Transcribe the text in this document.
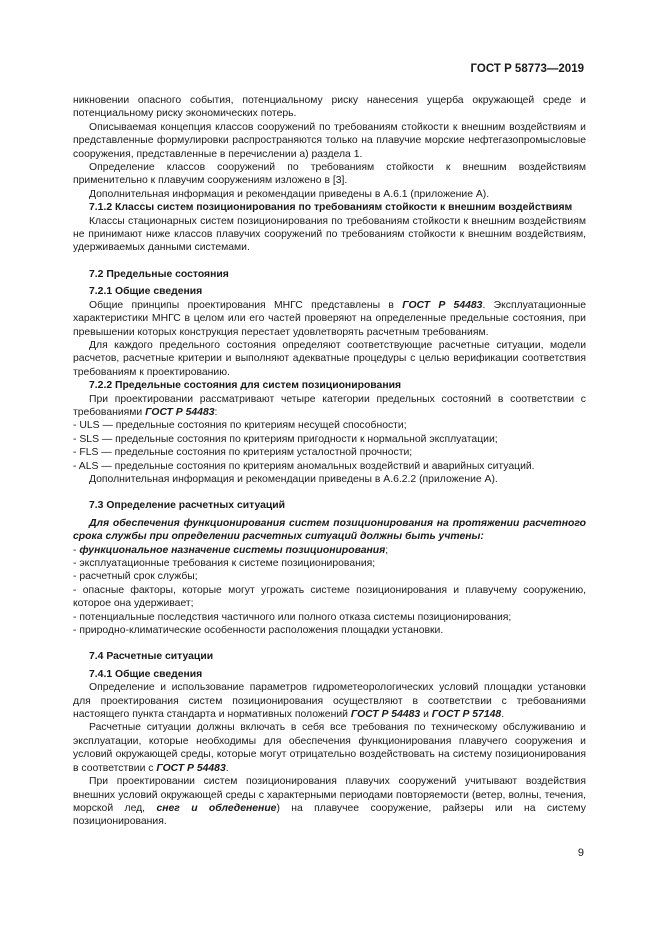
ГОСТ Р 58773—2019

никновении опасного события, потенциальному риску нанесения ущерба окружающей среде и потенциальному риску экономических потерь.

Описываемая концепция классов сооружений по требованиям стойкости к внешним воздействиям и представленные формулировки распространяются только на плавучие морские нефтегазопромысловые сооружения, представленные в перечислении а) раздела 1.

Определение классов сооружений по требованиям стойкости к внешним воздействиям применительно к плавучим сооружениям изложено в [3].

Дополнительная информация и рекомендации приведены в А.6.1 (приложение А).

7.1.2 Классы систем позиционирования по требованиям стойкости к внешним воздействиям

Классы стационарных систем позиционирования по требованиям стойкости к внешним воздействиям не принимают ниже классов плавучих сооружений по требованиям стойкости к внешним воздействиям, удерживаемых данными системами.

7.2 Предельные состояния

7.2.1 Общие сведения

Общие принципы проектирования МНГС представлены в ГОСТ Р 54483. Эксплуатационные характеристики МНГС в целом или его частей проверяют на определенные предельные состояния, при превышении которых конструкция перестает удовлетворять расчетным требованиям.

Для каждого предельного состояния определяют соответствующие расчетные ситуации, модели расчетов, расчетные критерии и выполняют адекватные процедуры с целью верификации соответствия требованиям к проектированию.

7.2.2 Предельные состояния для систем позиционирования

При проектировании рассматривают четыре категории предельных состояний в соответствии с требованиями ГОСТ Р 54483:

- ULS — предельные состояния по критериям несущей способности;

- SLS — предельные состояния по критериям пригодности к нормальной эксплуатации;

- FLS — предельные состояния по критериям усталостной прочности;

- ALS — предельные состояния по критериям аномальных воздействий и аварийных ситуаций.

Дополнительная информация и рекомендации приведены в А.6.2.2 (приложение А).

7.3 Определение расчетных ситуаций

Для обеспечения функционирования систем позиционирования на протяжении расчетного срока службы при определении расчетных ситуаций должны быть учтены:

- функциональное назначение системы позиционирования;

- эксплуатационные требования к системе позиционирования;

- расчетный срок службы;

- опасные факторы, которые могут угрожать системе позиционирования и плавучему сооружению, которое она удерживает;

- потенциальные последствия частичного или полного отказа системы позиционирования;

- природно-климатические особенности расположения площадки установки.

7.4 Расчетные ситуации

7.4.1 Общие сведения

Определение и использование параметров гидрометеорологических условий площадки установки для проектирования систем позиционирования осуществляют в соответствии с требованиями настоящего пункта стандарта и нормативных положений ГОСТ Р 54483 и ГОСТ Р 57148.

Расчетные ситуации должны включать в себя все требования по техническому обслуживанию и эксплуатации, которые необходимы для обеспечения функционирования плавучего сооружения и условий окружающей среды, которые могут отрицательно воздействовать на систему позиционирования в соответствии с ГОСТ Р 54483.

При проектировании систем позиционирования плавучих сооружений учитывают воздействия внешних условий окружающей среды с характерными периодами повторяемости (ветер, волны, течения, морской лед, снег и обледенение) на плавучее сооружение, райзеры или на систему позиционирования.

9
